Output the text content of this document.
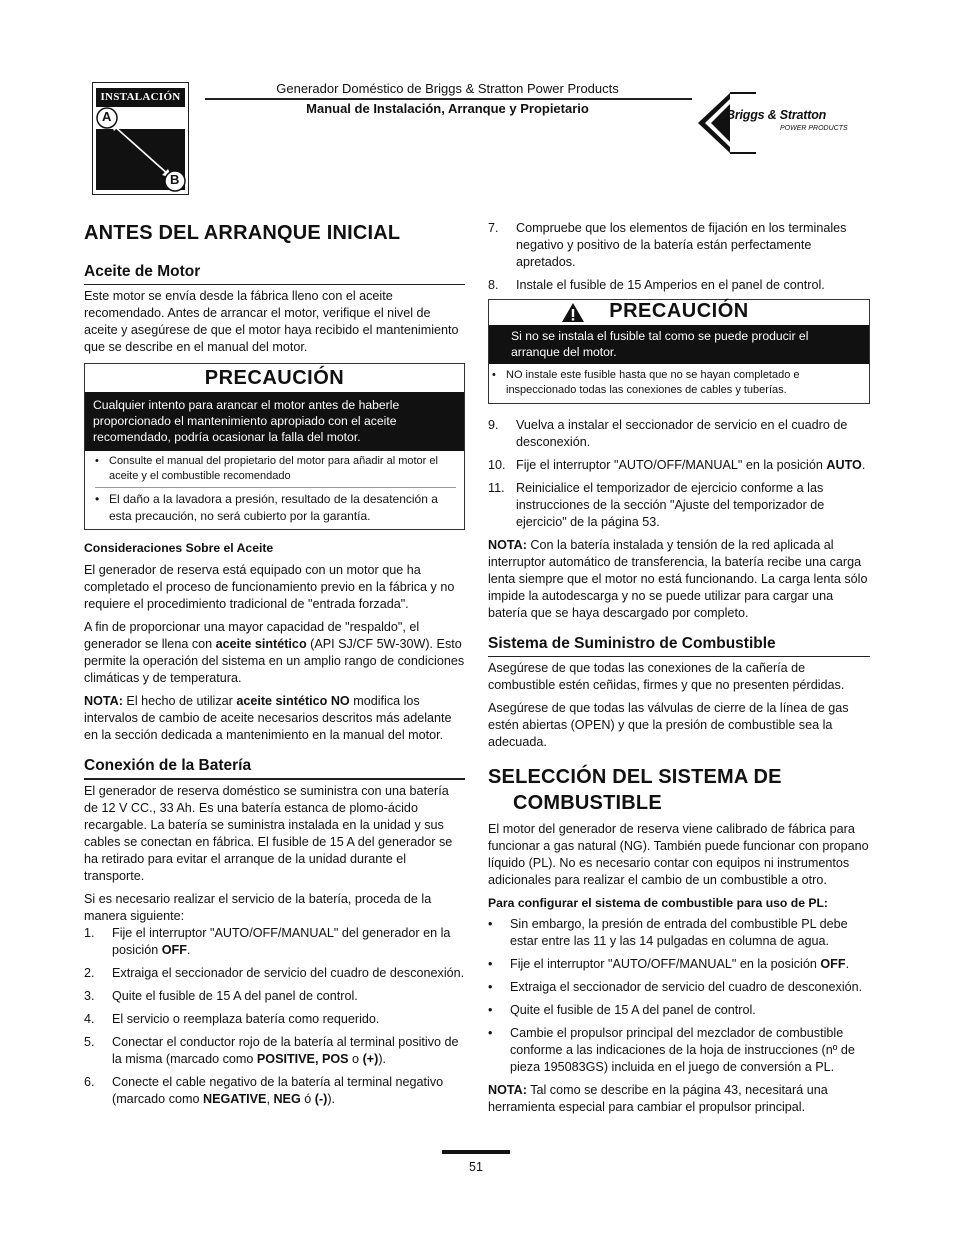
INSTALACIÓN
A
B
Generador Doméstico de Briggs & Stratton Power Products
Manual de Instalación, Arranque y Propietario	Briggs & Stratton
POWER PRODUCTS
ANTES DEL ARRANQUE INICIAL
Aceite de Motor

Este motor se envía desde la fábrica lleno con el aceite recomendado. Antes de arrancar el motor, verifique el nivel de aceite y asegúrese de que el motor haya recibido el mantenimiento que se describe en el manual del motor.

PRECAUCIÓN
Cualquier intento para arancar el motor antes de haberle proporcionado el mantenimiento apropiado con el aceite recomendado, podría ocasionar la falla del motor.
• Consulte el manual del propietario del motor para añadir al motor el aceite y el combustible recomendado
• El daño a la lavadora a presión, resultado de la desatención a esta precaución, no será cubierto por la garantía.

Consideraciones Sobre el Aceite

El generador de reserva está equipado con un motor que ha completado el proceso de funcionamiento previo en la fábrica y no requiere el procedimiento tradicional de "entrada forzada".

A fin de proporcionar una mayor capacidad de "respaldo", el generador se llena con aceite sintético (API SJ/CF 5W-30W). Esto permite la operación del sistema en un amplio rango de condiciones climáticas y de temperatura.

NOTA: El hecho de utilizar aceite sintético NO modifica los intervalos de cambio de aceite necesarios descritos más adelante en la sección dedicada a mantenimiento en la manual del motor.

Conexión de la Batería

El generador de reserva doméstico se suministra con una batería de 12 V CC., 33 Ah. Es una batería estanca de plomo-ácido recargable. La batería se suministra instalada en la unidad y sus cables se conectan en fábrica. El fusible de 15 A del generador se ha retirado para evitar el arranque de la unidad durante el transporte.

Si es necesario realizar el servicio de la batería, proceda de la manera siguiente:

1. Fije el interruptor "AUTO/OFF/MANUAL" del generador en la posición OFF.
2. Extraiga el seccionador de servicio del cuadro de desconexión.
3. Quite el fusible de 15 A del panel de control.
4. El servicio o reemplaza batería como requerido.
5. Conectar el conductor rojo de la batería al terminal positivo de la misma (marcado como POSITIVE, POS o (+)).
6. Conecte el cable negativo de la batería al terminal negativo (marcado como NEGATIVE, NEG ó (-)).
7. Compruebe que los elementos de fijación en los terminales negativo y positivo de la batería están perfectamente apretados.
8. Instale el fusible de 15 Amperios en el panel de control.
PRECAUCIÓN
Si no se instala el fusible tal como se puede producir el arranque del motor.
• NO instale este fusible hasta que no se hayan completado e inspeccionado todas las conexiones de cables y tuberías.
9. Vuelva a instalar el seccionador de servicio en el cuadro de desconexión.
10. Fije el interruptor "AUTO/OFF/MANUAL" en la posición AUTO.
11. Reinicialice el temporizador de ejercicio conforme a las instrucciones de la sección "Ajuste del temporizador de ejercicio" de la página 53.

NOTA: Con la batería instalada y tensión de la red aplicada al interruptor automático de transferencia, la batería recibe una carga lenta siempre que el motor no está funcionando. La carga lenta sólo impide la autodescarga y no se puede utilizar para cargar una batería que se haya descargado por completo.

Sistema de Suministro de Combustible

Asegúrese de que todas las conexiones de la cañería de combustible estén ceñidas, firmes y que no presenten pérdidas.

Asegúrese de que todas las válvulas de cierre de la línea de gas estén abiertas (OPEN) y que la presión de combustible sea la adecuada.

SELECCIÓN DEL SISTEMA DE
COMBUSTIBLE

El motor del generador de reserva viene calibrado de fábrica para funcionar a gas natural (NG). También puede funcionar con propano líquido (PL). No es necesario contar con equipos ni instrumentos adicionales para realizar el cambio de un combustible a otro.

Para configurar el sistema de combustible para uso de PL:

• Sin embargo, la presión de entrada del combustible PL debe estar entre las 11 y las 14 pulgadas en columna de agua.
• Fije el interruptor "AUTO/OFF/MANUAL" en la posición OFF.
• Extraiga el seccionador de servicio del cuadro de desconexión.
• Quite el fusible de 15 A del panel de control.
• Cambie el propulsor principal del mezclador de combustible conforme a las indicaciones de la hoja de instrucciones (nº de pieza 195083GS) incluida en el juego de conversión a PL.

NOTA: Tal como se describe en la página 43, necesitará una herramienta especial para cambiar el propulsor principal.

51
